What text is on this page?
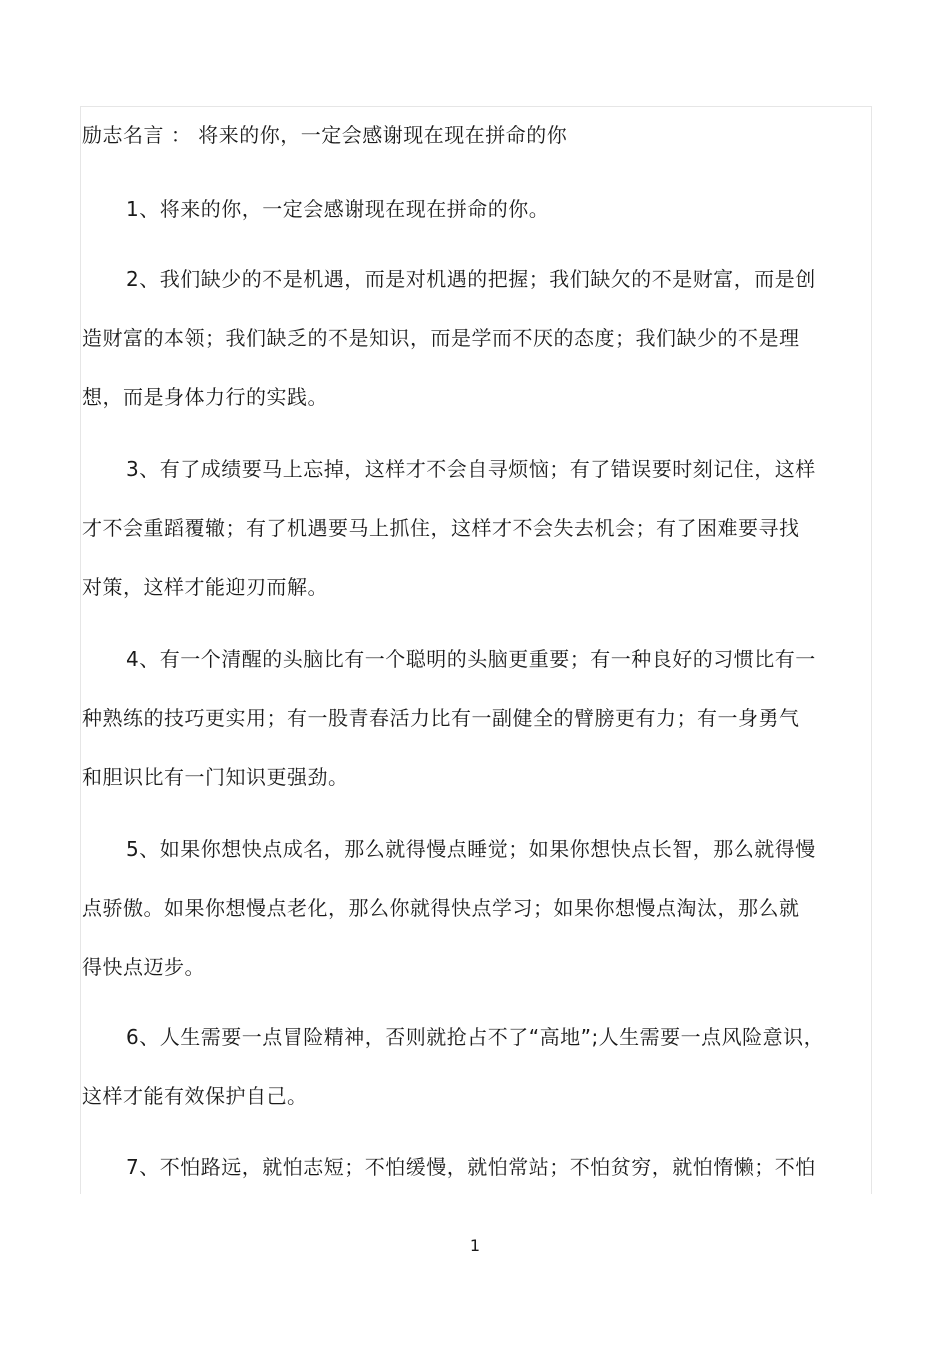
励志名言 ： 将来的你，一定会感谢现在现在拼命的你
1、将来的你，一定会感谢现在现在拼命的你。
2、我们缺少的不是机遇，而是对机遇的把握；我们缺欠的不是财富，而是创
造财富的本领；我们缺乏的不是知识，而是学而不厌的态度；我们缺少的不是理
想，而是身体力行的实践。
3、有了成绩要马上忘掉，这样才不会自寻烦恼；有了错误要时刻记住，这样
才不会重蹈覆辙；有了机遇要马上抓住，这样才不会失去机会；有了困难要寻找
对策，这样才能迎刃而解。
4、有一个清醒的头脑比有一个聪明的头脑更重要；有一种良好的习惯比有一
种熟练的技巧更实用；有一股青春活力比有一副健全的臂膀更有力；有一身勇气
和胆识比有一门知识更强劲。
5、如果你想快点成名，那么就得慢点睡觉；如果你想快点长智，那么就得慢
点骄傲。如果你想慢点老化，那么你就得快点学习；如果你想慢点淘汰，那么就
得快点迈步。
6、人生需要一点冒险精神，否则就抢占不了“高地”;人生需要一点风险意识，
这样才能有效保护自己。
7、不怕路远，就怕志短；不怕缓慢，就怕常站；不怕贫穷，就怕惰懒；不怕
1
